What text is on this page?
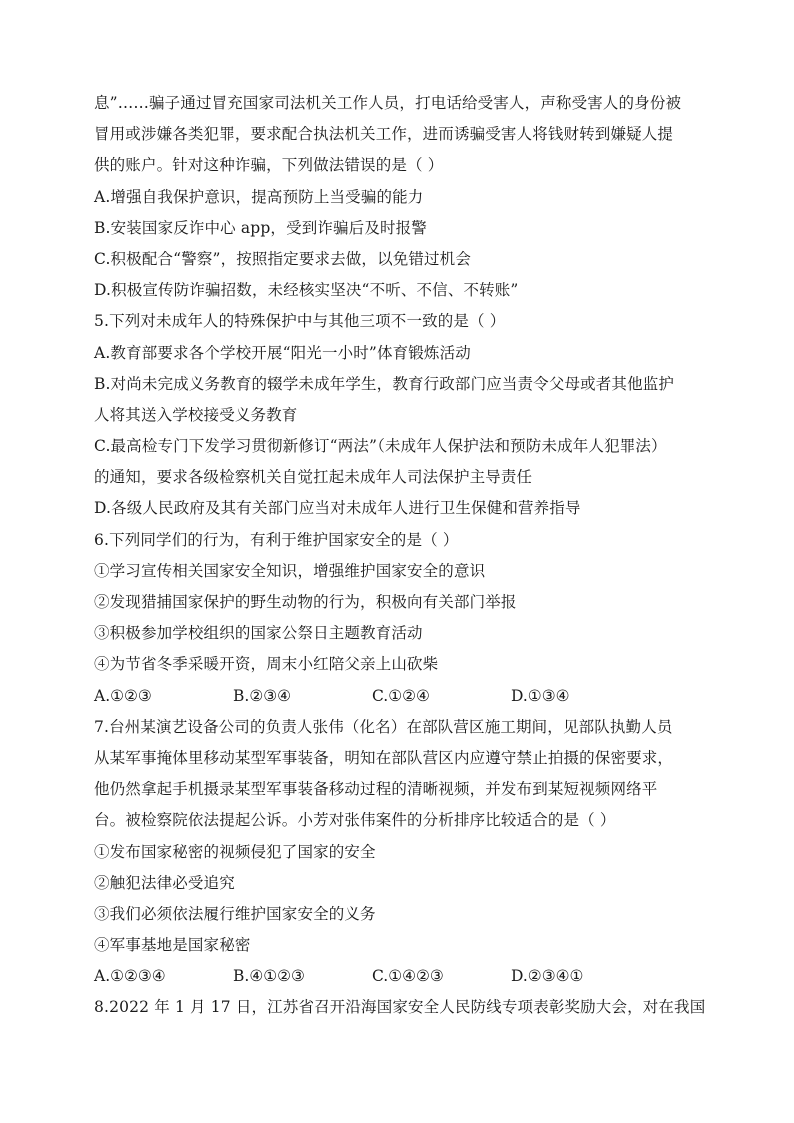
息”……骗子通过冒充国家司法机关工作人员，打电话给受害人，声称受害人的身份被
冒用或涉嫌各类犯罪，要求配合执法机关工作，进而诱骗受害人将钱财转到嫌疑人提
供的账户。针对这种诈骗，下列做法错误的是（ ）
A.增强自我保护意识，提高预防上当受骗的能力
B.安装国家反诈中心 app，受到诈骗后及时报警
C.积极配合“警察”，按照指定要求去做，以免错过机会
D.积极宣传防诈骗招数，未经核实坚决“不听、不信、不转账”
5.下列对未成年人的特殊保护中与其他三项不一致的是（ ）
A.教育部要求各个学校开展“阳光一小时”体育锻炼活动
B.对尚未完成义务教育的辍学未成年学生，教育行政部门应当责令父母或者其他监护
人将其送入学校接受义务教育
C.最高检专门下发学习贯彻新修订“两法”（未成年人保护法和预防未成年人犯罪法）
的通知，要求各级检察机关自觉扛起未成年人司法保护主导责任
D.各级人民政府及其有关部门应当对未成年人进行卫生保健和营养指导
6.下列同学们的行为，有利于维护国家安全的是（ ）
①学习宣传相关国家安全知识，增强维护国家安全的意识
②发现猎捕国家保护的野生动物的行为，积极向有关部门举报
③积极参加学校组织的国家公祭日主题教育活动
④为节省冬季采暖开资，周末小红陪父亲上山砍柴
A.①②③	B.②③④	C.①②④	D.①③④
7.台州某演艺设备公司的负责人张伟（化名）在部队营区施工期间，见部队执勤人员
从某军事掩体里移动某型军事装备，明知在部队营区内应遵守禁止拍摄的保密要求，
他仍然拿起手机摄录某型军事装备移动过程的清晰视频，并发布到某短视频网络平
台。被检察院依法提起公诉。小芳对张伟案件的分析排序比较适合的是（ ）
①发布国家秘密的视频侵犯了国家的安全
②触犯法律必受追究
③我们必须依法履行维护国家安全的义务
④军事基地是国家秘密
A.①②③④	B.④①②③	C.①④②③	D.②③④①
8.2022 年 1 月 17 日，江苏省召开沿海国家安全人民防线专项表彰奖励大会，对在我国
